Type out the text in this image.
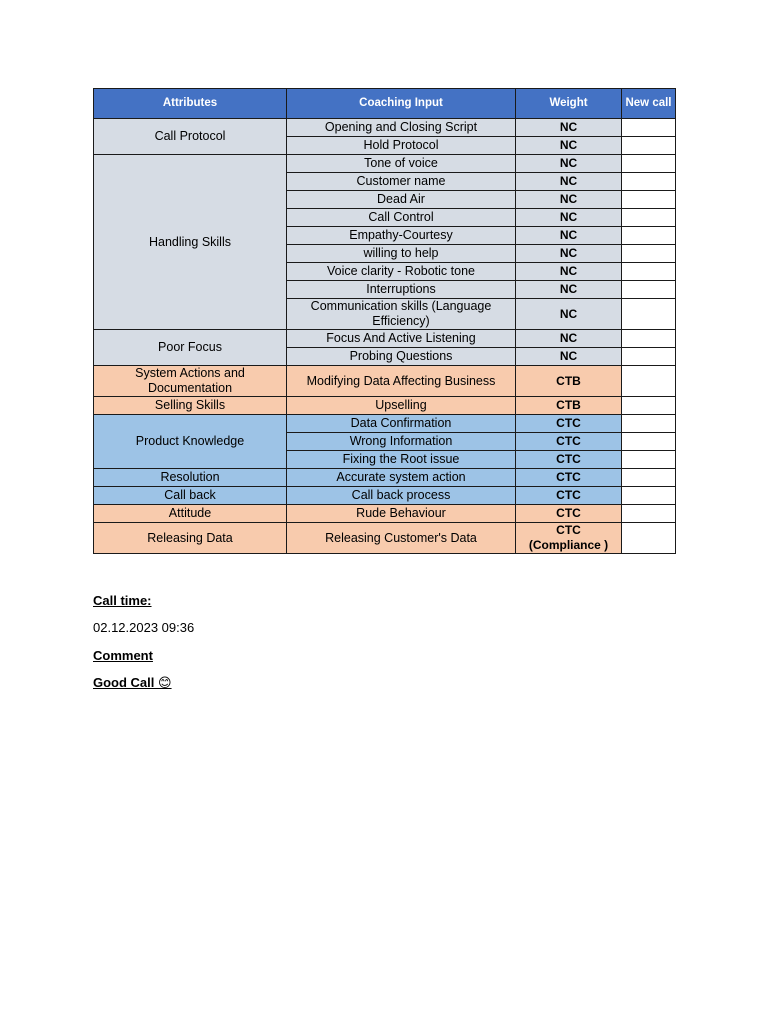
Attributes	Coaching Input	Weight	New call
Call Protocol	Opening and Closing Script	NC	
	Hold Protocol	NC	
Handling Skills	Tone of voice	NC	
	Customer name	NC	
	Dead Air	NC	
	Call Control	NC	
	Empathy-Courtesy	NC	
	willing to help	NC	
	Voice clarity - Robotic tone	NC	
	Interruptions	NC	
	Communication skills (Language Efficiency)	NC	
Poor Focus	Focus And Active Listening	NC	
	Probing Questions	NC	
System Actions and Documentation	Modifying Data Affecting Business	CTB	
Selling Skills	Upselling	CTB	
Product Knowledge	Data Confirmation	CTC	
	Wrong Information	CTC	
	Fixing the Root issue	CTC	
Resolution	Accurate system action	CTC	
Call back	Call back process	CTC	
Attitude	Rude Behaviour	CTC	
Releasing Data	Releasing Customer's Data	CTC (Compliance )	
Call time:
02.12.2023 09:36
Comment
Good Call 😊
